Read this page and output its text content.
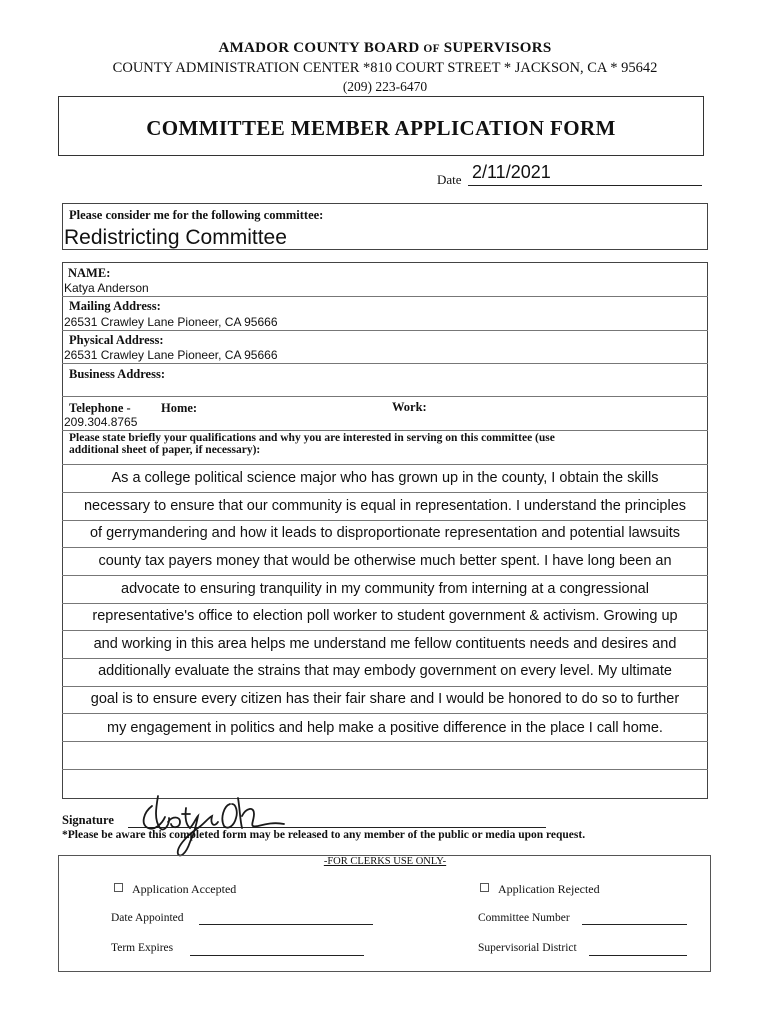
AMADOR COUNTY BOARD OF SUPERVISORS
COUNTY ADMINISTRATION CENTER *810 COURT STREET * JACKSON, CA * 95642
(209) 223-6470
COMMITTEE MEMBER APPLICATION FORM
Date 2/11/2021
Please consider me for the following committee:
Redistricting Committee
NAME:
Katya Anderson
Mailing Address:
26531 Crawley Lane Pioneer, CA 95666
Physical Address:
26531 Crawley Lane Pioneer, CA 95666
Business Address:
Telephone - Home:	Work:
209.304.8765
Please state briefly your qualifications and why you are interested in serving on this committee (use
additional sheet of paper, if necessary):
As a college political science major who has grown up in the county, I obtain the skills
necessary to ensure that our community is equal in representation. I understand the principles
of gerrymandering and how it leads to disproportionate representation and potential lawsuits
county tax payers money that would be otherwise much better spent. I have long been an
advocate to ensuring tranquility in my community from interning at a congressional
representative's office to election poll worker to student government & activism. Growing up
and working in this area helps me understand me fellow contituents needs and desires and
additionally evaluate the strains that may embody government on every level. My ultimate
goal is to ensure every citizen has their fair share and I would be honored to do so to further
my engagement in politics and help make a positive difference in the place I call home.
Signature
*Please be aware this completed form may be released to any member of the public or media upon request.
-FOR CLERKS USE ONLY-
Application Accepted	Application Rejected
Date Appointed	Committee Number
Term Expires	Supervisorial District
